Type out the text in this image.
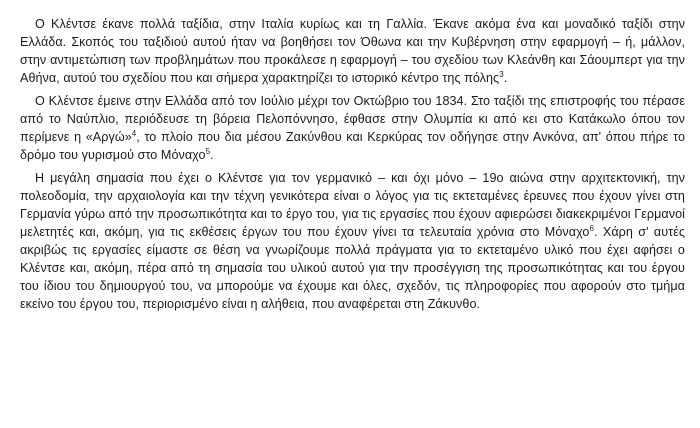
Ο Κλέντσε έκανε πολλά ταξίδια, στην Ιταλία κυρίως και τη Γαλλία. Έκανε ακόμα ένα και μοναδικό ταξίδι στην Ελλάδα. Σκοπός του ταξιδιού αυτού ήταν να βοηθήσει τον Όθωνα και την Κυβέρνηση στην εφαρμογή – ή, μάλλον, στην αντιμετώπιση των προβλημάτων που προκάλεσε η εφαρμογή – του σχεδίου των Κλεάνθη και Σάουμπερτ για την Αθήνα, αυτού του σχεδίου που και σήμερα χαρακτηρίζει το ιστορικό κέντρο της πόλης$^3$.

Ο Κλέντσε έμεινε στην Ελλάδα από τον Ιούλιο μέχρι τον Οκτώβριο του 1834. Στο ταξίδι της επιστροφής του πέρασε από το Ναύπλιο, περιόδευσε τη βόρεια Πελοπόννησο, έφθασε στην Ολυμπία κι από κει στο Κατάκωλο όπου τον περίμενε η «Αργώ»$^4$, το πλοίο που δια μέσου Ζακύνθου και Κερκύρας τον οδήγησε στην Ανκόνα, απ' όπου πήρε το δρόμο του γυρισμού στο Μόναχο$^5$.

Η μεγάλη σημασία που έχει ο Κλέντσε για τον γερμανικό – και όχι μόνο – 19ο αιώνα στην αρχιτεκτονική, την πολεοδομία, την αρχαιολογία και την τέχνη γενικότερα είναι ο λόγος για τις εκτεταμένες έρευνες που έχουν γίνει στη Γερμανία γύρω από την προσωπικότητα και το έργο του, για τις εργασίες που έχουν αφιερώσει διακεκριμένοι Γερμανοί μελετητές και, ακόμη, για τις εκθέσεις έργων του που έχουν γίνει τα τελευταία χρόνια στο Μόναχο$^6$. Χάρη σ' αυτές ακριβώς τις εργασίες είμαστε σε θέση να γνωρίζουμε πολλά πράγματα για το εκτεταμένο υλικό που έχει αφήσει ο Κλέντσε και, ακόμη, πέρα από τη σημασία του υλικού αυτού για την προσέγγιση της προσωπικότητας και του έργου του ίδιου του δημιουργού του, να μπορούμε να έχουμε και όλες, σχεδόν, τις πληροφορίες που αφορούν στο τμήμα εκείνο του έργου του, περιορισμένο είναι η αλήθεια, που αναφέρεται στη Ζάκυνθο.
